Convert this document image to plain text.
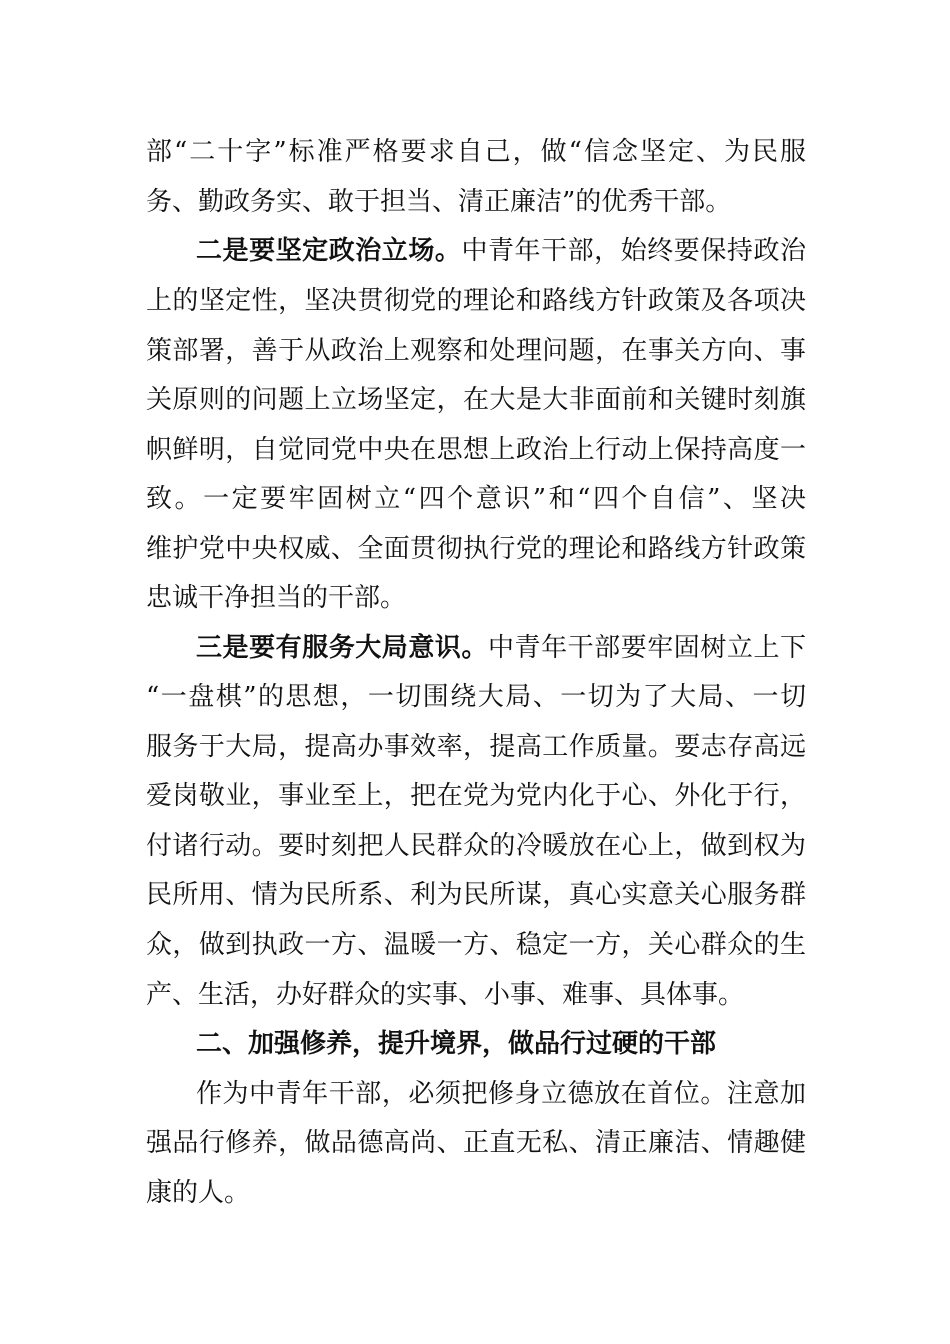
部“二十字”标准严格要求自己，做“信念坚定、为民服
务、勤政务实、敢于担当、清正廉洁”的优秀干部。
二是要坚定政治立场。中青年干部，始终要保持政治
上的坚定性，坚决贯彻党的理论和路线方针政策及各项决
策部署，善于从政治上观察和处理问题，在事关方向、事
关原则的问题上立场坚定，在大是大非面前和关键时刻旗
帜鲜明，自觉同党中央在思想上政治上行动上保持高度一
致。一定要牢固树立“四个意识”和“四个自信”、坚决
维护党中央权威、全面贯彻执行党的理论和路线方针政策
忠诚干净担当的干部。
三是要有服务大局意识。中青年干部要牢固树立上下
“一盘棋”的思想，一切围绕大局、一切为了大局、一切
服务于大局，提高办事效率，提高工作质量。要志存高远
爱岗敬业，事业至上，把在党为党内化于心、外化于行，
付诸行动。要时刻把人民群众的冷暖放在心上，做到权为
民所用、情为民所系、利为民所谋，真心实意关心服务群
众，做到执政一方、温暖一方、稳定一方，关心群众的生
产、生活，办好群众的实事、小事、难事、具体事。
二、加强修养，提升境界，做品行过硬的干部
作为中青年干部，必须把修身立德放在首位。注意加
强品行修养，做品德高尚、正直无私、清正廉洁、情趣健
康的人。
